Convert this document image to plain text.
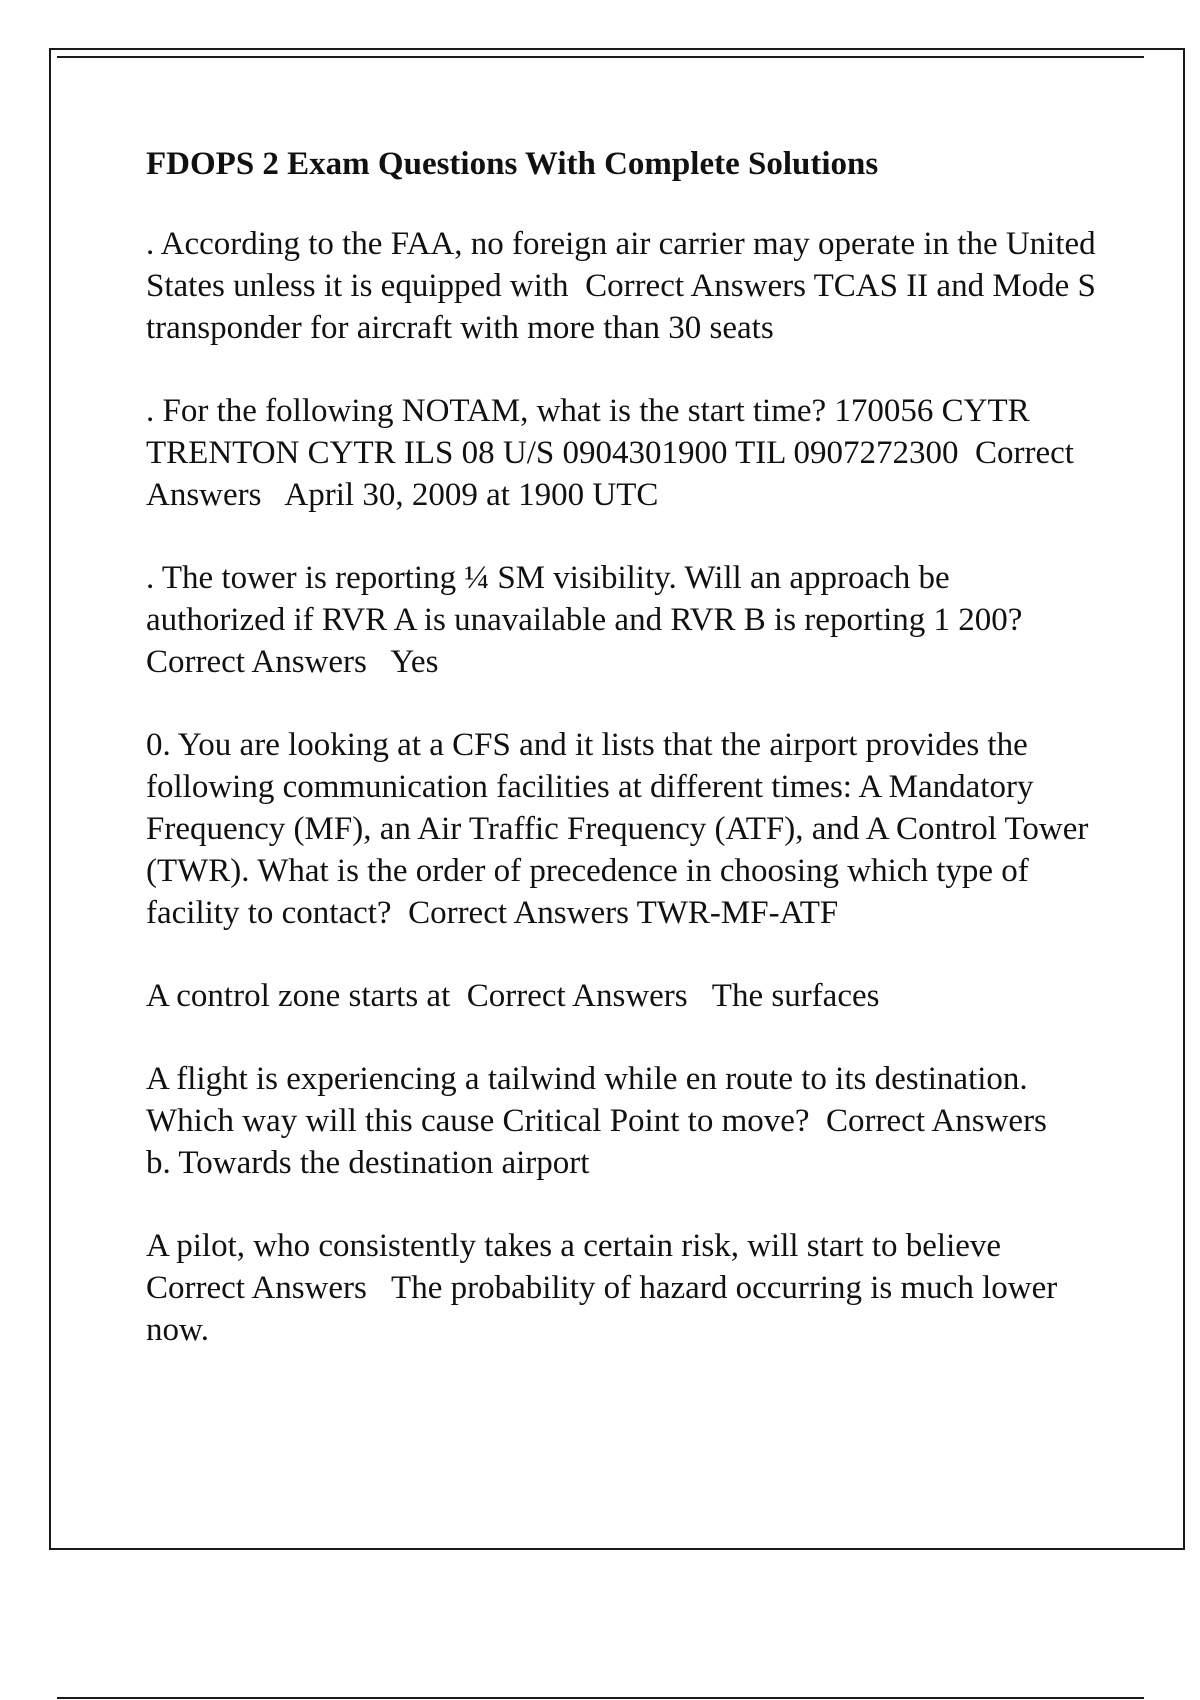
FDOPS 2 Exam Questions With Complete Solutions
. According to the FAA, no foreign air carrier may operate in the United States unless it is equipped with Correct Answers TCAS II and Mode S transponder for aircraft with more than 30 seats
. For the following NOTAM, what is the start time? 170056 CYTR TRENTON CYTR ILS 08 U/S 0904301900 TIL 0907272300 Correct Answers April 30, 2009 at 1900 UTC
. The tower is reporting ¼ SM visibility. Will an approach be authorized if RVR A is unavailable and RVR B is reporting 1 200?  Correct Answers Yes
0. You are looking at a CFS and it lists that the airport provides the following communication facilities at different times: A Mandatory Frequency (MF), an Air Traffic Frequency (ATF), and A Control Tower (TWR). What is the order of precedence in choosing which type of facility to contact? Correct Answers TWR-MF-ATF
A control zone starts at Correct Answers The surfaces
A flight is experiencing a tailwind while en route to its destination. Which way will this cause Critical Point to move? Correct Answers   b. Towards the destination airport
A pilot, who consistently takes a certain risk, will start to believe  Correct Answers The probability of hazard occurring is much lower now.
